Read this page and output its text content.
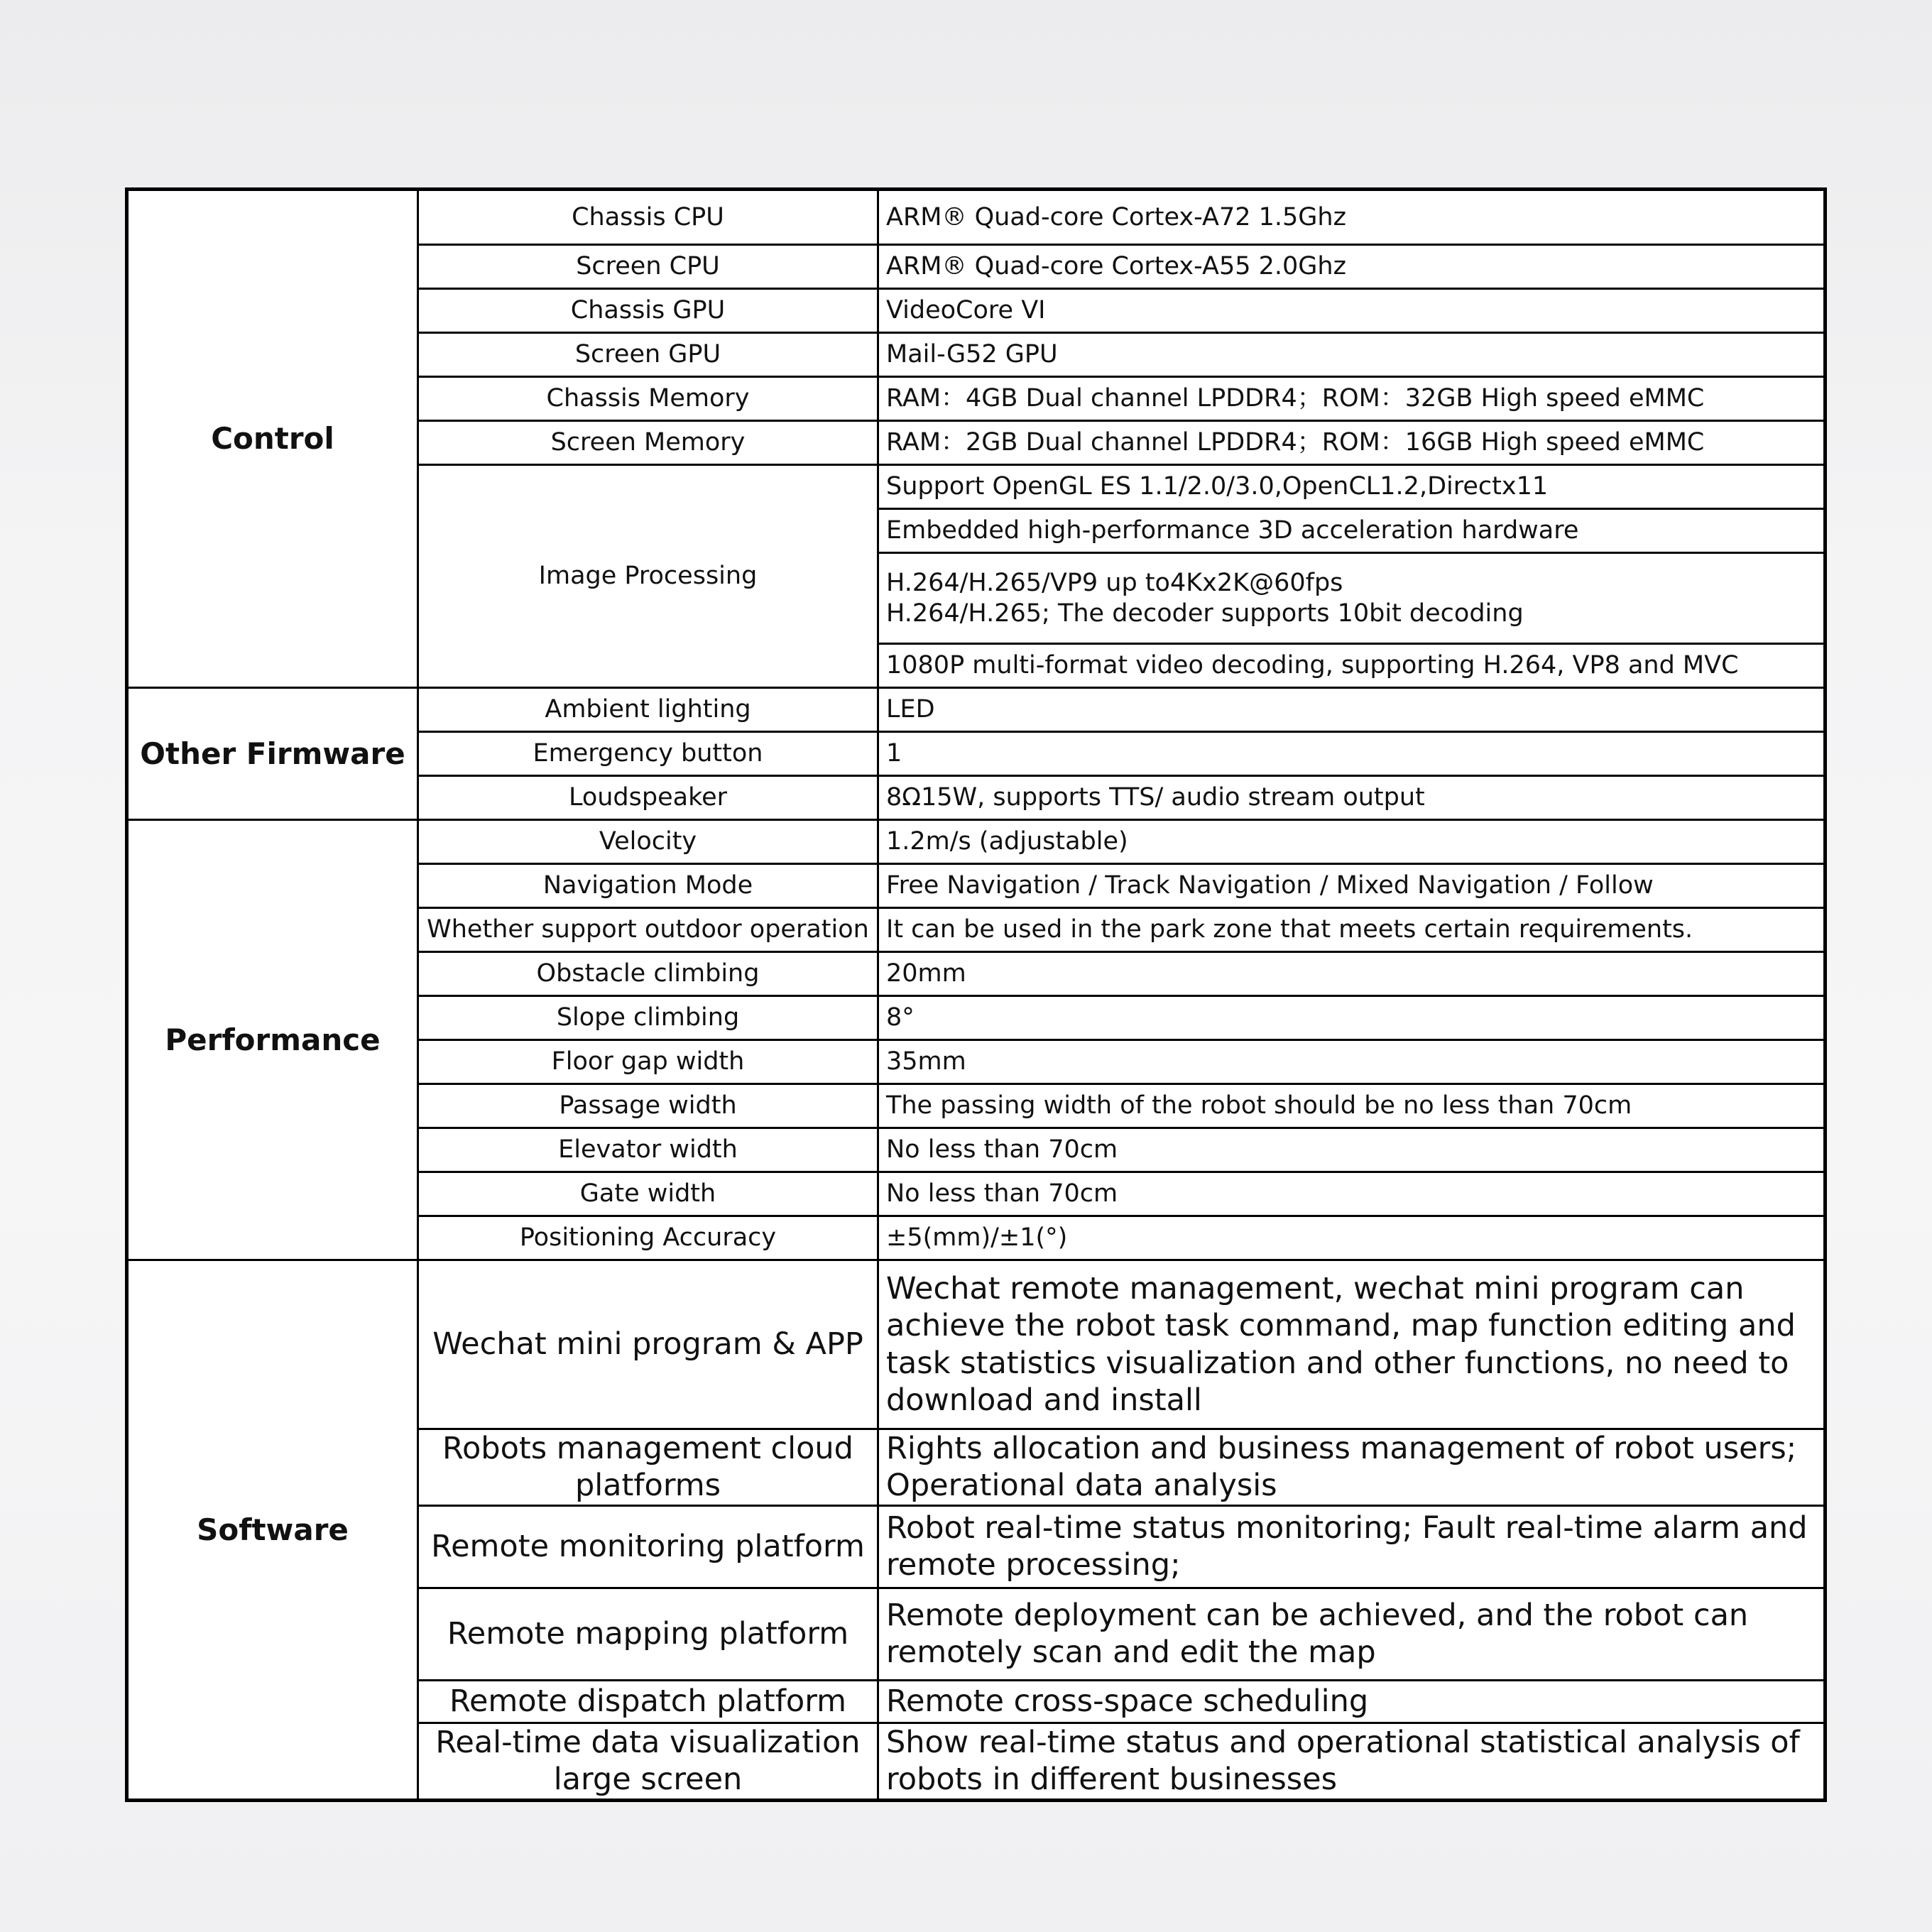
Control	Chassis CPU	ARM® Quad-core Cortex-A72 1.5Ghz
	Screen CPU	ARM® Quad-core Cortex-A55 2.0Ghz
	Chassis GPU	VideoCore VI
	Screen GPU	Mail-G52 GPU
	Chassis Memory	RAM：4GB Dual channel LPDDR4；ROM：32GB High speed eMMC
	Screen Memory	RAM：2GB Dual channel LPDDR4；ROM：16GB High speed eMMC
	Image Processing	Support OpenGL ES 1.1/2.0/3.0,OpenCL1.2,Directx11
		Embedded high-performance 3D acceleration hardware

		H.264/H.265/VP9 up to4Kx2K@60fps
H.264/H.265; The decoder supports 10bit decoding

		1080P multi-format video decoding, supporting H.264, VP8 and MVC
Other Firmware	Ambient lighting	LED
	Emergency button	1
	Loudspeaker	8Ω15W, supports TTS/ audio stream output
Performance	Velocity	1.2m/s (adjustable)
	Navigation Mode	Free Navigation / Track Navigation / Mixed Navigation / Follow
	Whether support outdoor operation	It can be used in the park zone that meets certain requirements.
	Obstacle climbing	20mm
	Slope climbing	8°
	Floor gap width	35mm
	Passage width	The passing width of the robot should be no less than 70cm
	Elevator width	No less than 70cm
	Gate width	No less than 70cm
	Positioning Accuracy	±5(mm)/±1(°)
Software	Wechat mini program & APP	Wechat remote management, wechat mini program can achieve the robot task command, map function editing and task statistics visualization and other functions, no need to download and install
	Robots management cloud platforms	Rights allocation and business management of robot users; Operational data analysis
	Remote monitoring platform	Robot real-time status monitoring; Fault real-time alarm and remote processing;
	Remote mapping platform	Remote deployment can be achieved, and the robot can remotely scan and edit the map
	Remote dispatch platform	Remote cross-space scheduling
	Real-time data visualization large screen	Show real-time status and operational statistical analysis of robots in different businesses
